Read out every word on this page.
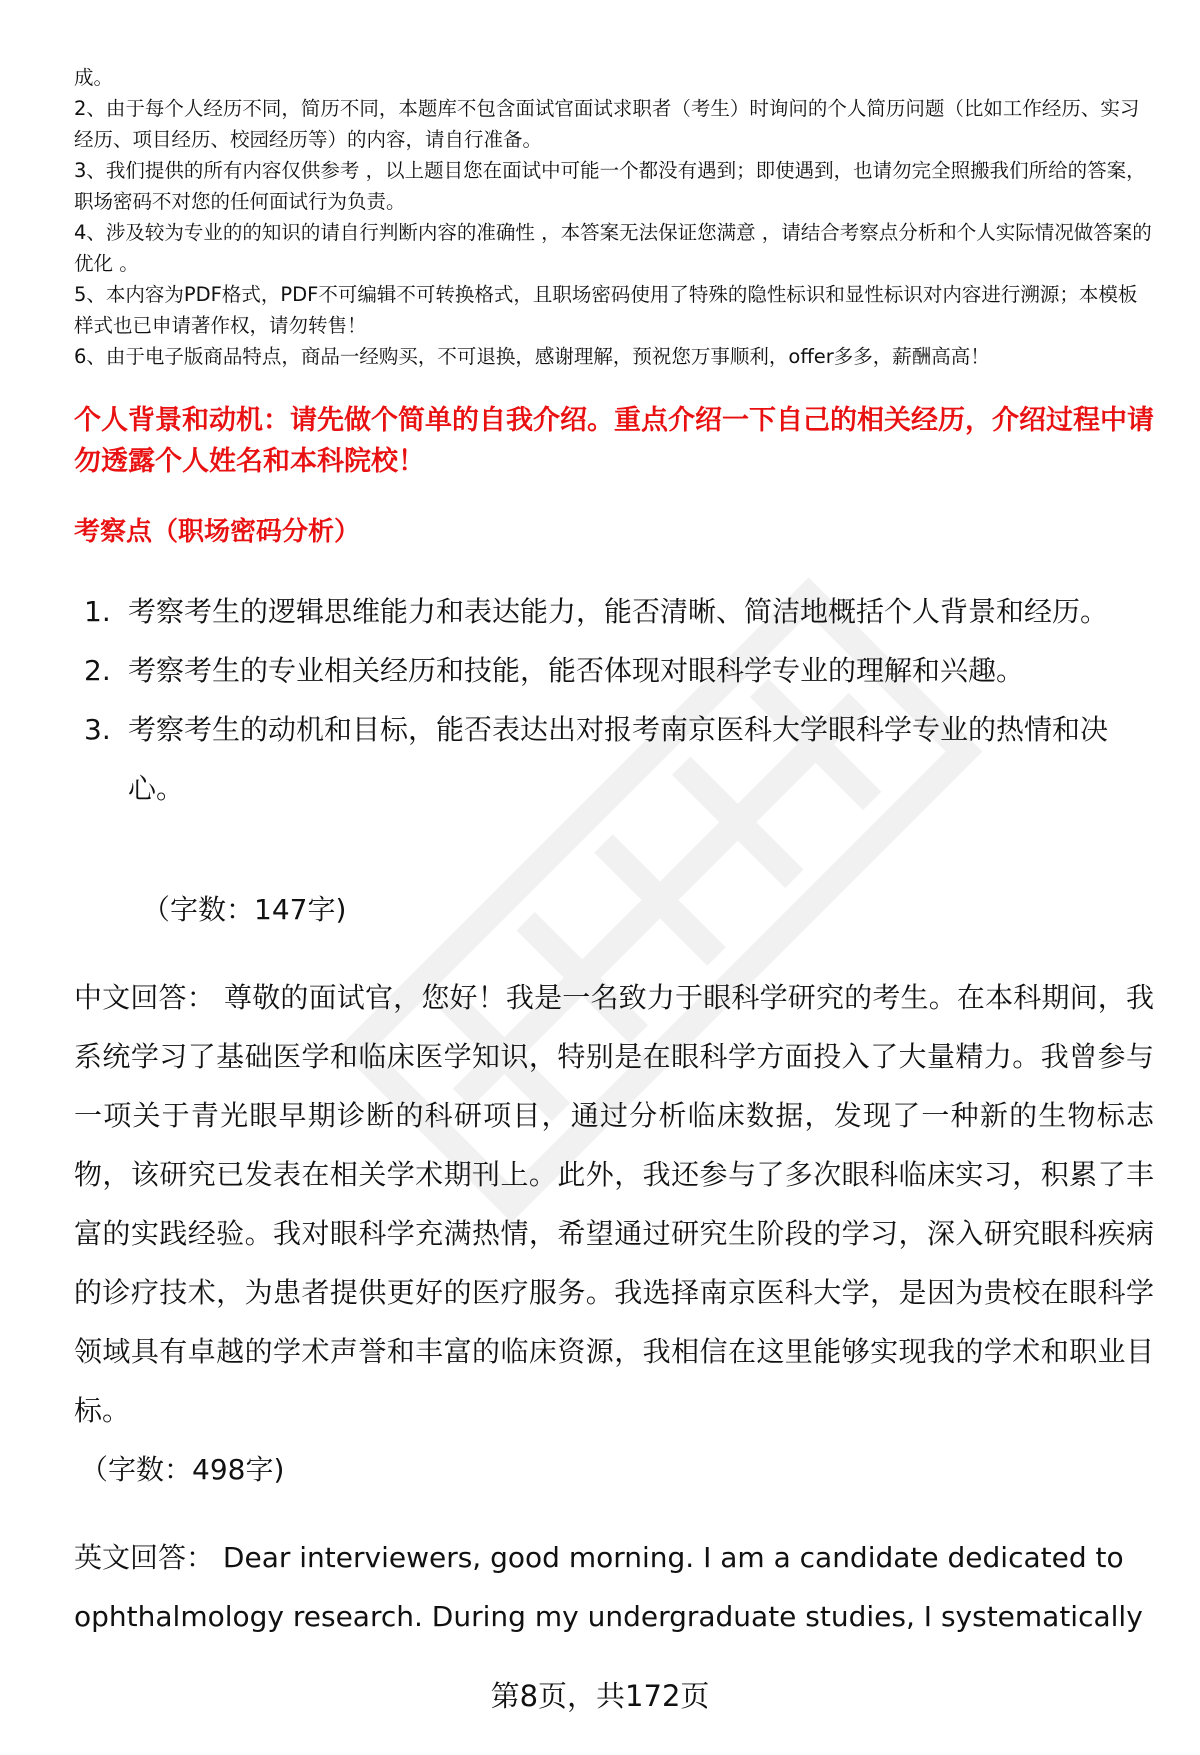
成。

2、由于每个人经历不同，简历不同，本题库不包含面试官面试求职者（考生）时询问的个人简历问题（比如工作经历、实习经历、项目经历、校园经历等）的内容，请自行准备。

3、我们提供的所有内容仅供参考 ，以上题目您在面试中可能一个都没有遇到；即使遇到，也请勿完全照搬我们所给的答案，职场密码不对您的任何面试行为负责。

4、涉及较为专业的的知识的请自行判断内容的准确性 ，本答案无法保证您满意 ，请结合考察点分析和个人实际情况做答案的优化 。

5、本内容为PDF格式，PDF不可编辑不可转换格式，且职场密码使用了特殊的隐性标识和显性标识对内容进行溯源；本模板样式也已申请著作权，请勿转售！

6、由于电子版商品特点，商品一经购买，不可退换，感谢理解，预祝您万事顺利，offer多多，薪酬高高！

个人背景和动机：请先做个简单的自我介绍。重点介绍一下自己的相关经历，介绍过程中请勿透露个人姓名和本科院校！

考察点（职场密码分析）

1. 考察考生的逻辑思维能力和表达能力，能否清晰、简洁地概括个人背景和经历。
2. 考察考生的专业相关经历和技能，能否体现对眼科学专业的理解和兴趣。
3. 考察考生的动机和目标，能否表达出对报考南京医科大学眼科学专业的热情和决心。
（字数：147字)

中文回答： 尊敬的面试官，您好！我是一名致力于眼科学研究的考生。在本科期间，我系统学习了基础医学和临床医学知识，特别是在眼科学方面投入了大量精力。我曾参与一项关于青光眼早期诊断的科研项目，通过分析临床数据，发现了一种新的生物标志物，该研究已发表在相关学术期刊上。此外，我还参与了多次眼科临床实习，积累了丰富的实践经验。我对眼科学充满热情，希望通过研究生阶段的学习，深入研究眼科疾病的诊疗技术，为患者提供更好的医疗服务。我选择南京医科大学，是因为贵校在眼科学领域具有卓越的学术声誉和丰富的临床资源，我相信在这里能够实现我的学术和职业目标。

（字数：498字)

英文回答： Dear interviewers, good morning. I am a candidate dedicated to ophthalmology research. During my undergraduate studies, I systematically

第8页，共172页
